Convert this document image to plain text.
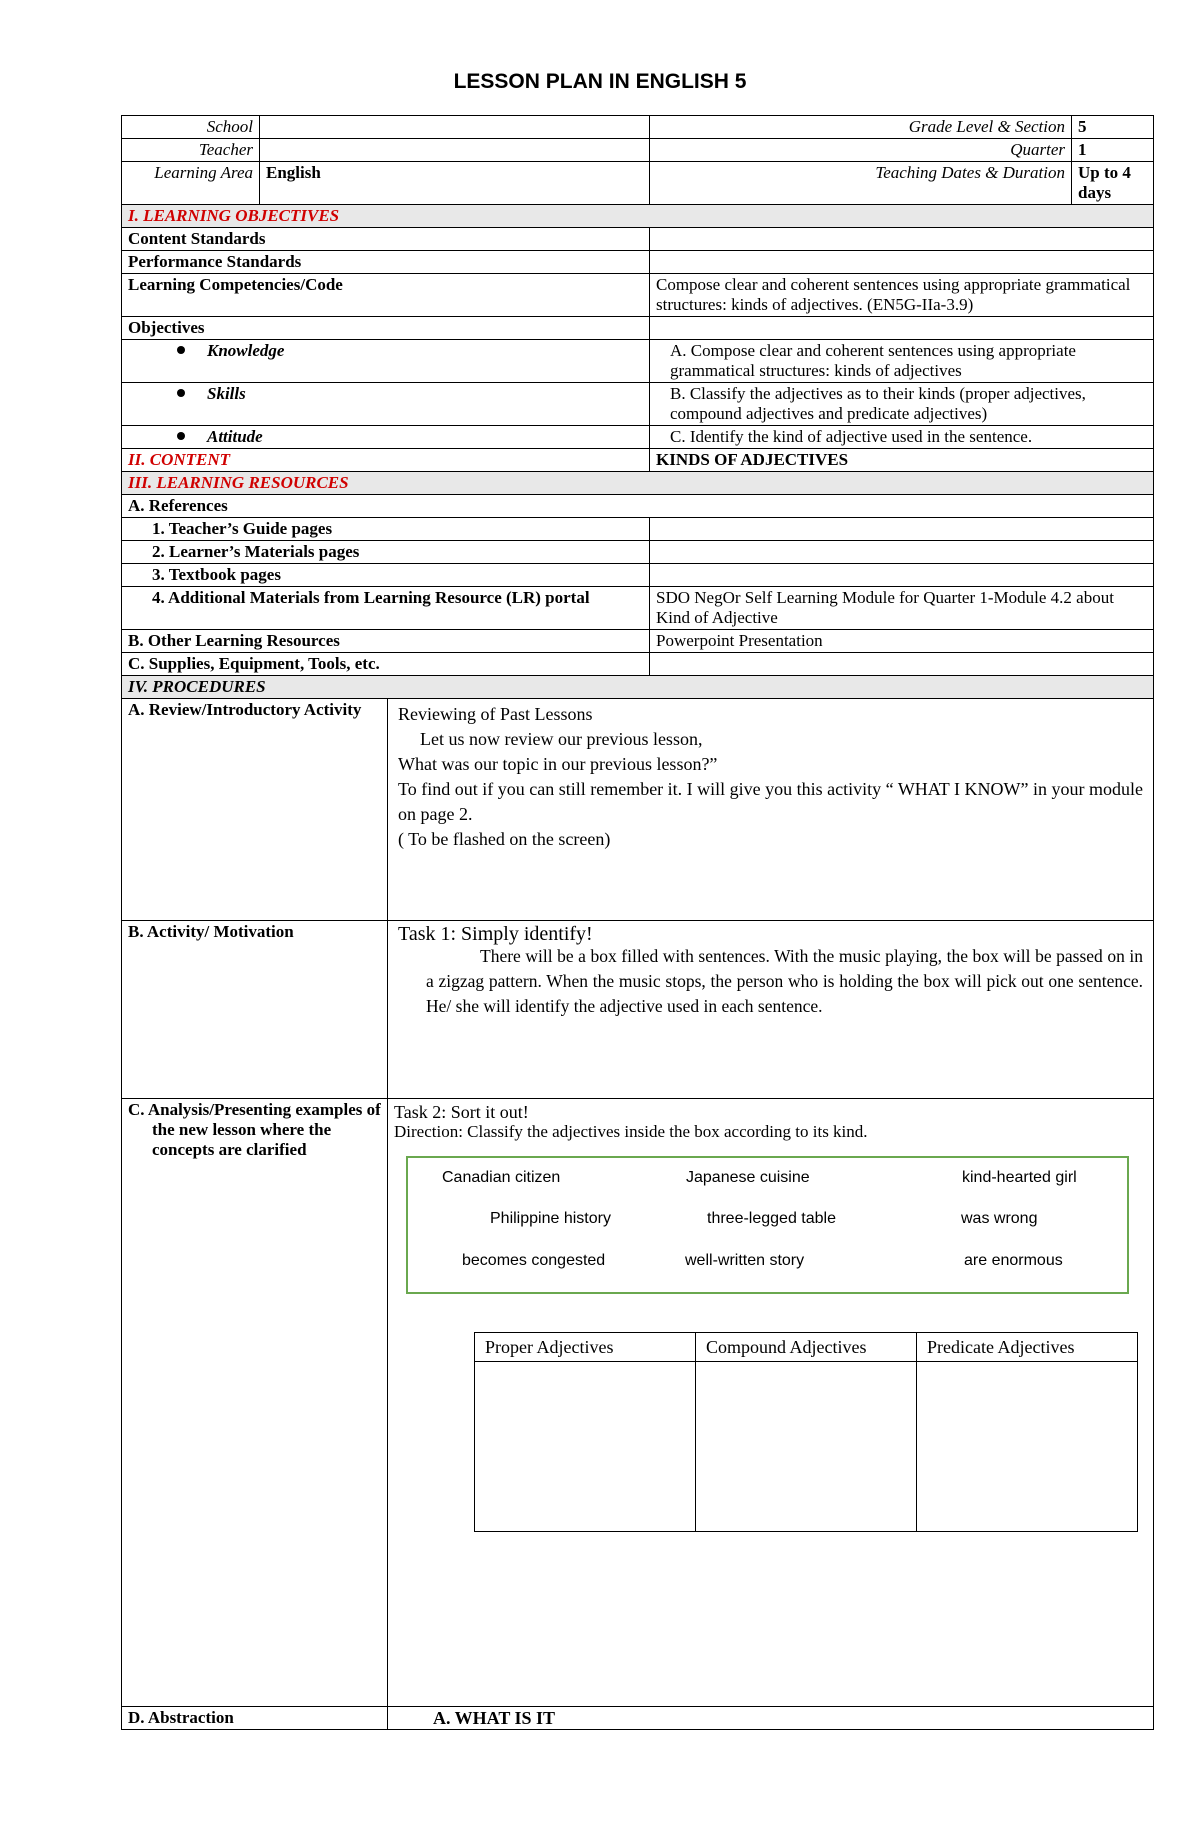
LESSON PLAN IN ENGLISH 5
School		Grade Level & Section	5
Teacher		Quarter	1
Learning Area	English	Teaching Dates & Duration	Up to 4 days
I. LEARNING OBJECTIVES
Content Standards	
Performance Standards	
Learning Competencies/Code	Compose clear and coherent sentences using appropriate grammatical structures: kinds of adjectives. (EN5G-IIa-3.9)
Objectives	
Knowledge	A. Compose clear and coherent sentences using appropriate grammatical structures: kinds of adjectives
Skills	B. Classify the adjectives as to their kinds (proper adjectives, compound adjectives and predicate adjectives)
Attitude	C. Identify the kind of adjective used in the sentence.
II. CONTENT	KINDS OF ADJECTIVES
III. LEARNING RESOURCES
A. References
1. Teacher’s Guide pages	
2. Learner’s Materials pages	
3. Textbook pages	
4. Additional Materials from Learning Resource (LR) portal	SDO NegOr Self Learning Module for Quarter 1-Module 4.2 about Kind of Adjective
B. Other Learning Resources	Powerpoint Presentation
C. Supplies, Equipment, Tools, etc.	
IV. PROCEDURES

A. Review/Introductory Activity	Reviewing of Past Lessons
Let us now review our previous lesson,
What was our topic in our previous lesson?”
To find out if you can still remember it. I will give you this activity “ WHAT I KNOW” in your module on page 2.
( To be flashed on the screen)

B. Activity/ Motivation	Task 1: Simply identify!
There will be a box filled with sentences. With the music playing, the box will be passed on in a zigzag pattern. When the music stops, the person who is holding the box will pick out one sentence. He/ she will identify the adjective used in each sentence.

C. Analysis/Presenting examples of the new lesson where the concepts are clarified

Task 2: Sort it out!
Direction: Classify the adjectives inside the box according to its kind.
Canadian citizen	Japanese cuisine	kind-hearted girl
Philippine history	three-legged table	was wrong
becomes congested	well-written story	are enormous
Proper Adjectives	Compound Adjectives	Predicate Adjectives

D. Abstraction	A. WHAT IS IT
